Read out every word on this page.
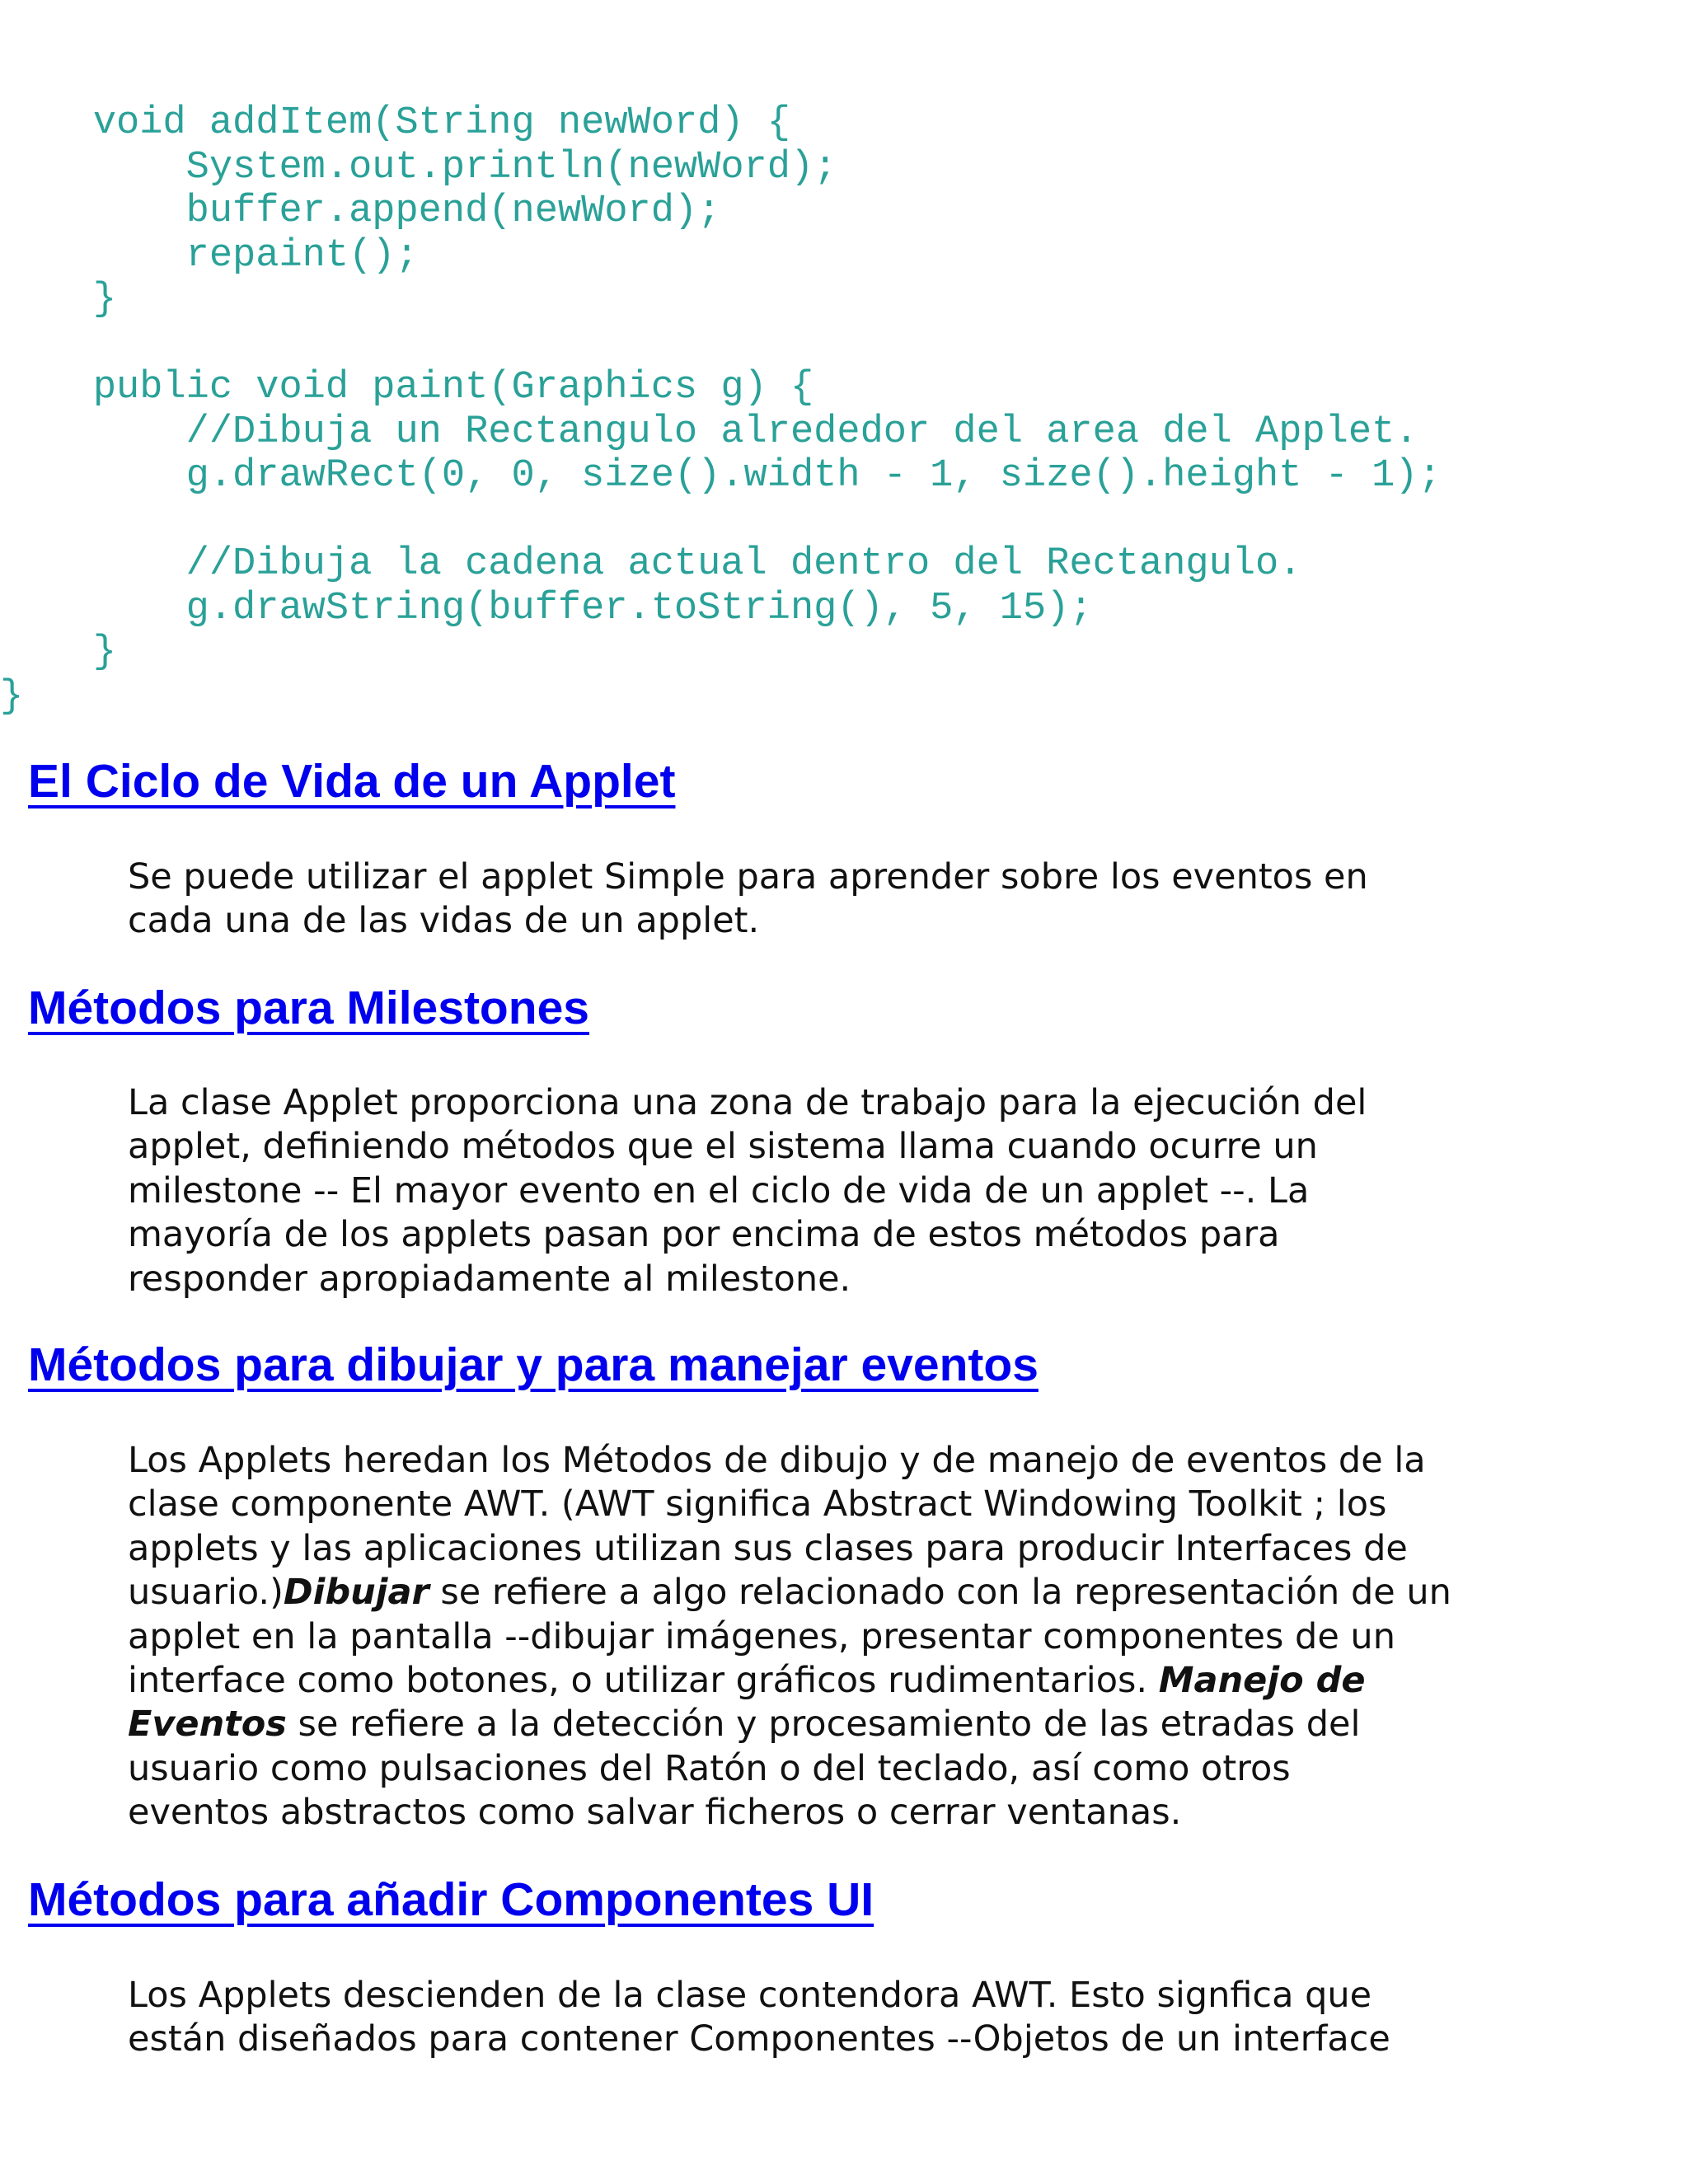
void addItem(String newWord) {
System.out.println(newWord);
buffer.append(newWord);
repaint();
}
public void paint(Graphics g) {
//Dibuja un Rectangulo alrededor del area del Applet.
g.drawRect(0, 0, size().width - 1, size().height - 1);
//Dibuja la cadena actual dentro del Rectangulo.
g.drawString(buffer.toString(), 5, 15);
}
}
El Ciclo de Vida de un Applet
Se puede utilizar el applet Simple para aprender sobre los eventos en
cada una de las vidas de un applet.
Métodos para Milestones
La clase Applet proporciona una zona de trabajo para la ejecución del
applet, definiendo métodos que el sistema llama cuando ocurre un
milestone -- El mayor evento en el ciclo de vida de un applet --. La
mayoría de los applets pasan por encima de estos métodos para
responder apropiadamente al milestone.
Métodos para dibujar y para manejar eventos
Los Applets heredan los Métodos de dibujo y de manejo de eventos de la
clase componente AWT. (AWT significa Abstract Windowing Toolkit ; los
applets y las aplicaciones utilizan sus clases para producir Interfaces de
usuario.)Dibujar se refiere a algo relacionado con la representación de un
applet en la pantalla --dibujar imágenes, presentar componentes de un
interface como botones, o utilizar gráficos rudimentarios. Manejo de
Eventos se refiere a la detección y procesamiento de las etradas del
usuario como pulsaciones del Ratón o del teclado, así como otros
eventos abstractos como salvar ficheros o cerrar ventanas.
Métodos para añadir Componentes UI
Los Applets descienden de la clase contendora AWT. Esto signfica que
están diseñados para contener Componentes --Objetos de un interface
